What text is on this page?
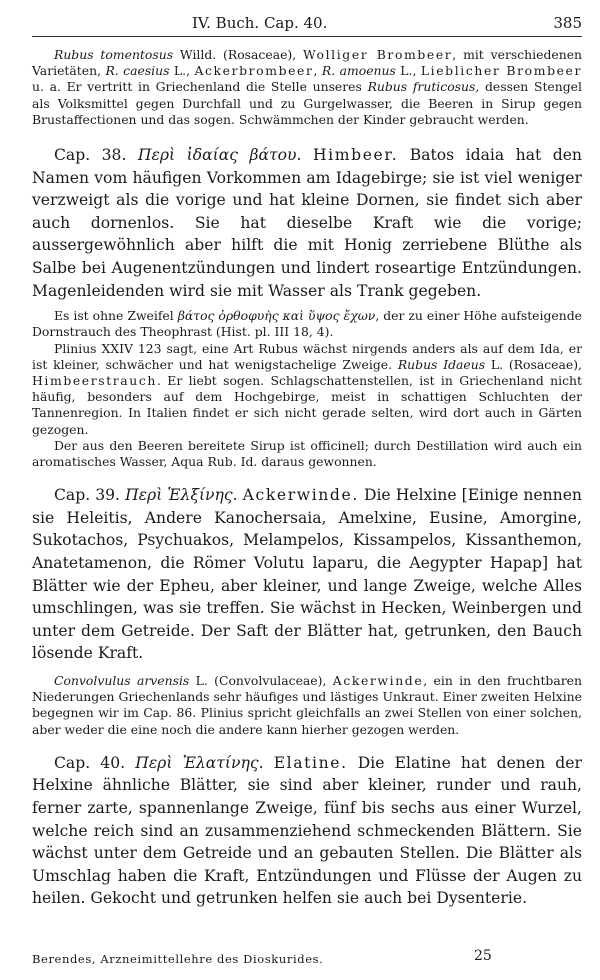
IV. Buch. Cap. 40.	385

Rubus tomentosus Willd. (Rosaceae), Wolliger Brombeer, mit verschiedenen Varietäten, R. caesius L., Ackerbrombeer, R. amoenus L., Lieblicher Brombeer u. a. Er vertritt in Griechenland die Stelle unseres Rubus fruticosus, dessen Stengel als Volksmittel gegen Durchfall und zu Gurgelwasser, die Beeren in Sirup gegen Brustaffectionen und das sogen. Schwämmchen der Kinder gebraucht werden.

Cap. 38. Περὶ ἰδαίας βάτου. Himbeer. Batos idaia hat den Namen vom häufigen Vorkommen am Idagebirge; sie ist viel weniger verzweigt als die vorige und hat kleine Dornen, sie findet sich aber auch dornenlos. Sie hat dieselbe Kraft wie die vorige; aussergewöhnlich aber hilft die mit Honig zerriebene Blüthe als Salbe bei Augenentzündungen und lindert roseartige Entzündungen. Magenleidenden wird sie mit Wasser als Trank gegeben.

Es ist ohne Zweifel βάτος ὀρθοφυὴς καὶ ὕψος ἔχων, der zu einer Höhe aufsteigende Dornstrauch des Theophrast (Hist. pl. III 18, 4).

Plinius XXIV 123 sagt, eine Art Rubus wächst nirgends anders als auf dem Ida, er ist kleiner, schwächer und hat wenigstachelige Zweige. Rubus Idaeus L. (Rosaceae), Himbeerstrauch. Er liebt sogen. Schlagschattenstellen, ist in Griechenland nicht häufig, besonders auf dem Hochgebirge, meist in schattigen Schluchten der Tannenregion. In Italien findet er sich nicht gerade selten, wird dort auch in Gärten gezogen.

Der aus den Beeren bereitete Sirup ist officinell; durch Destillation wird auch ein aromatisches Wasser, Aqua Rub. Id. daraus gewonnen.

Cap. 39. Περὶ Ἑλξίνης. Ackerwinde. Die Helxine [Einige nennen sie Heleitis, Andere Kanochersaia, Amelxine, Eusine, Amorgine, Sukotachos, Psychuakos, Melampelos, Kissampelos, Kissanthemon, Anatetamenon, die Römer Volutu laparu, die Aegypter Hapap] hat Blätter wie der Epheu, aber kleiner, und lange Zweige, welche Alles umschlingen, was sie treffen. Sie wächst in Hecken, Weinbergen und unter dem Getreide. Der Saft der Blätter hat, getrunken, den Bauch lösende Kraft.

Convolvulus arvensis L. (Convolvulaceae), Ackerwinde, ein in den fruchtbaren Niederungen Griechenlands sehr häufiges und lästiges Unkraut. Einer zweiten Helxine begegnen wir im Cap. 86. Plinius spricht gleichfalls an zwei Stellen von einer solchen, aber weder die eine noch die andere kann hierher gezogen werden.

Cap. 40. Περὶ Ἐλατίνης. Elatine. Die Elatine hat denen der Helxine ähnliche Blätter, sie sind aber kleiner, runder und rauh, ferner zarte, spannenlange Zweige, fünf bis sechs aus einer Wurzel, welche reich sind an zusammenziehend schmeckenden Blättern. Sie wächst unter dem Getreide und an gebauten Stellen. Die Blätter als Umschlag haben die Kraft, Entzündungen und Flüsse der Augen zu heilen. Gekocht und getrunken helfen sie auch bei Dysenterie.

Berendes, Arzneimittellehre des Dioskurides.	25
